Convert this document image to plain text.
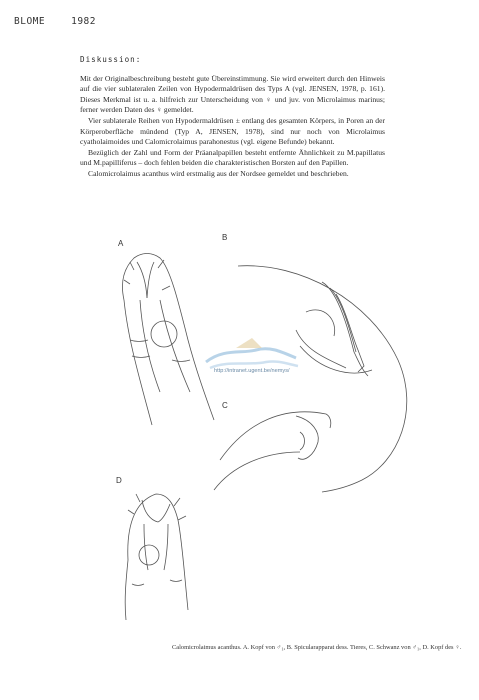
BLOME	1982
Diskussion:

Mit der Originalbeschreibung besteht gute Übereinstimmung. Sie wird erweitert durch den Hinweis auf die vier sublateralen Zeilen von Hypodermaldrüsen des Typs A (vgl. JENSEN, 1978, p. 161). Dieses Merkmal ist u. a. hilfreich zur Unterscheidung von ♀ und juv. von Microlaimus marinus; ferner werden Daten des ♀ gemeldet.

Vier sublaterale Reihen von Hypodermaldrüsen ± entlang des gesamten Körpers, in Poren an der Körperoberfläche mündend (Typ A, JENSEN, 1978), sind nur noch von Microlaimus cyatholaimoides und Calomicrolaimus parahonestus (vgl. eigene Befunde) bekannt.

Bezüglich der Zahl und Form der Präanalpapillen besteht entfernte Ähnlichkeit zu M.papillatus und M.papilliferus – doch fehlen beiden die charakteristischen Borsten auf den Papillen.

Calomicrolaimus acanthus wird erstmalig aus der Nordsee gemeldet und beschrieben.

A
B
C
D
http://intranet.ugent.be/nemys/
Calomicrolaimus acanthus. A. Kopf von ♂₁, B. Spicularapparat dess. Tieres, C. Schwanz von ♂₁, D. Kopf des ♀.
